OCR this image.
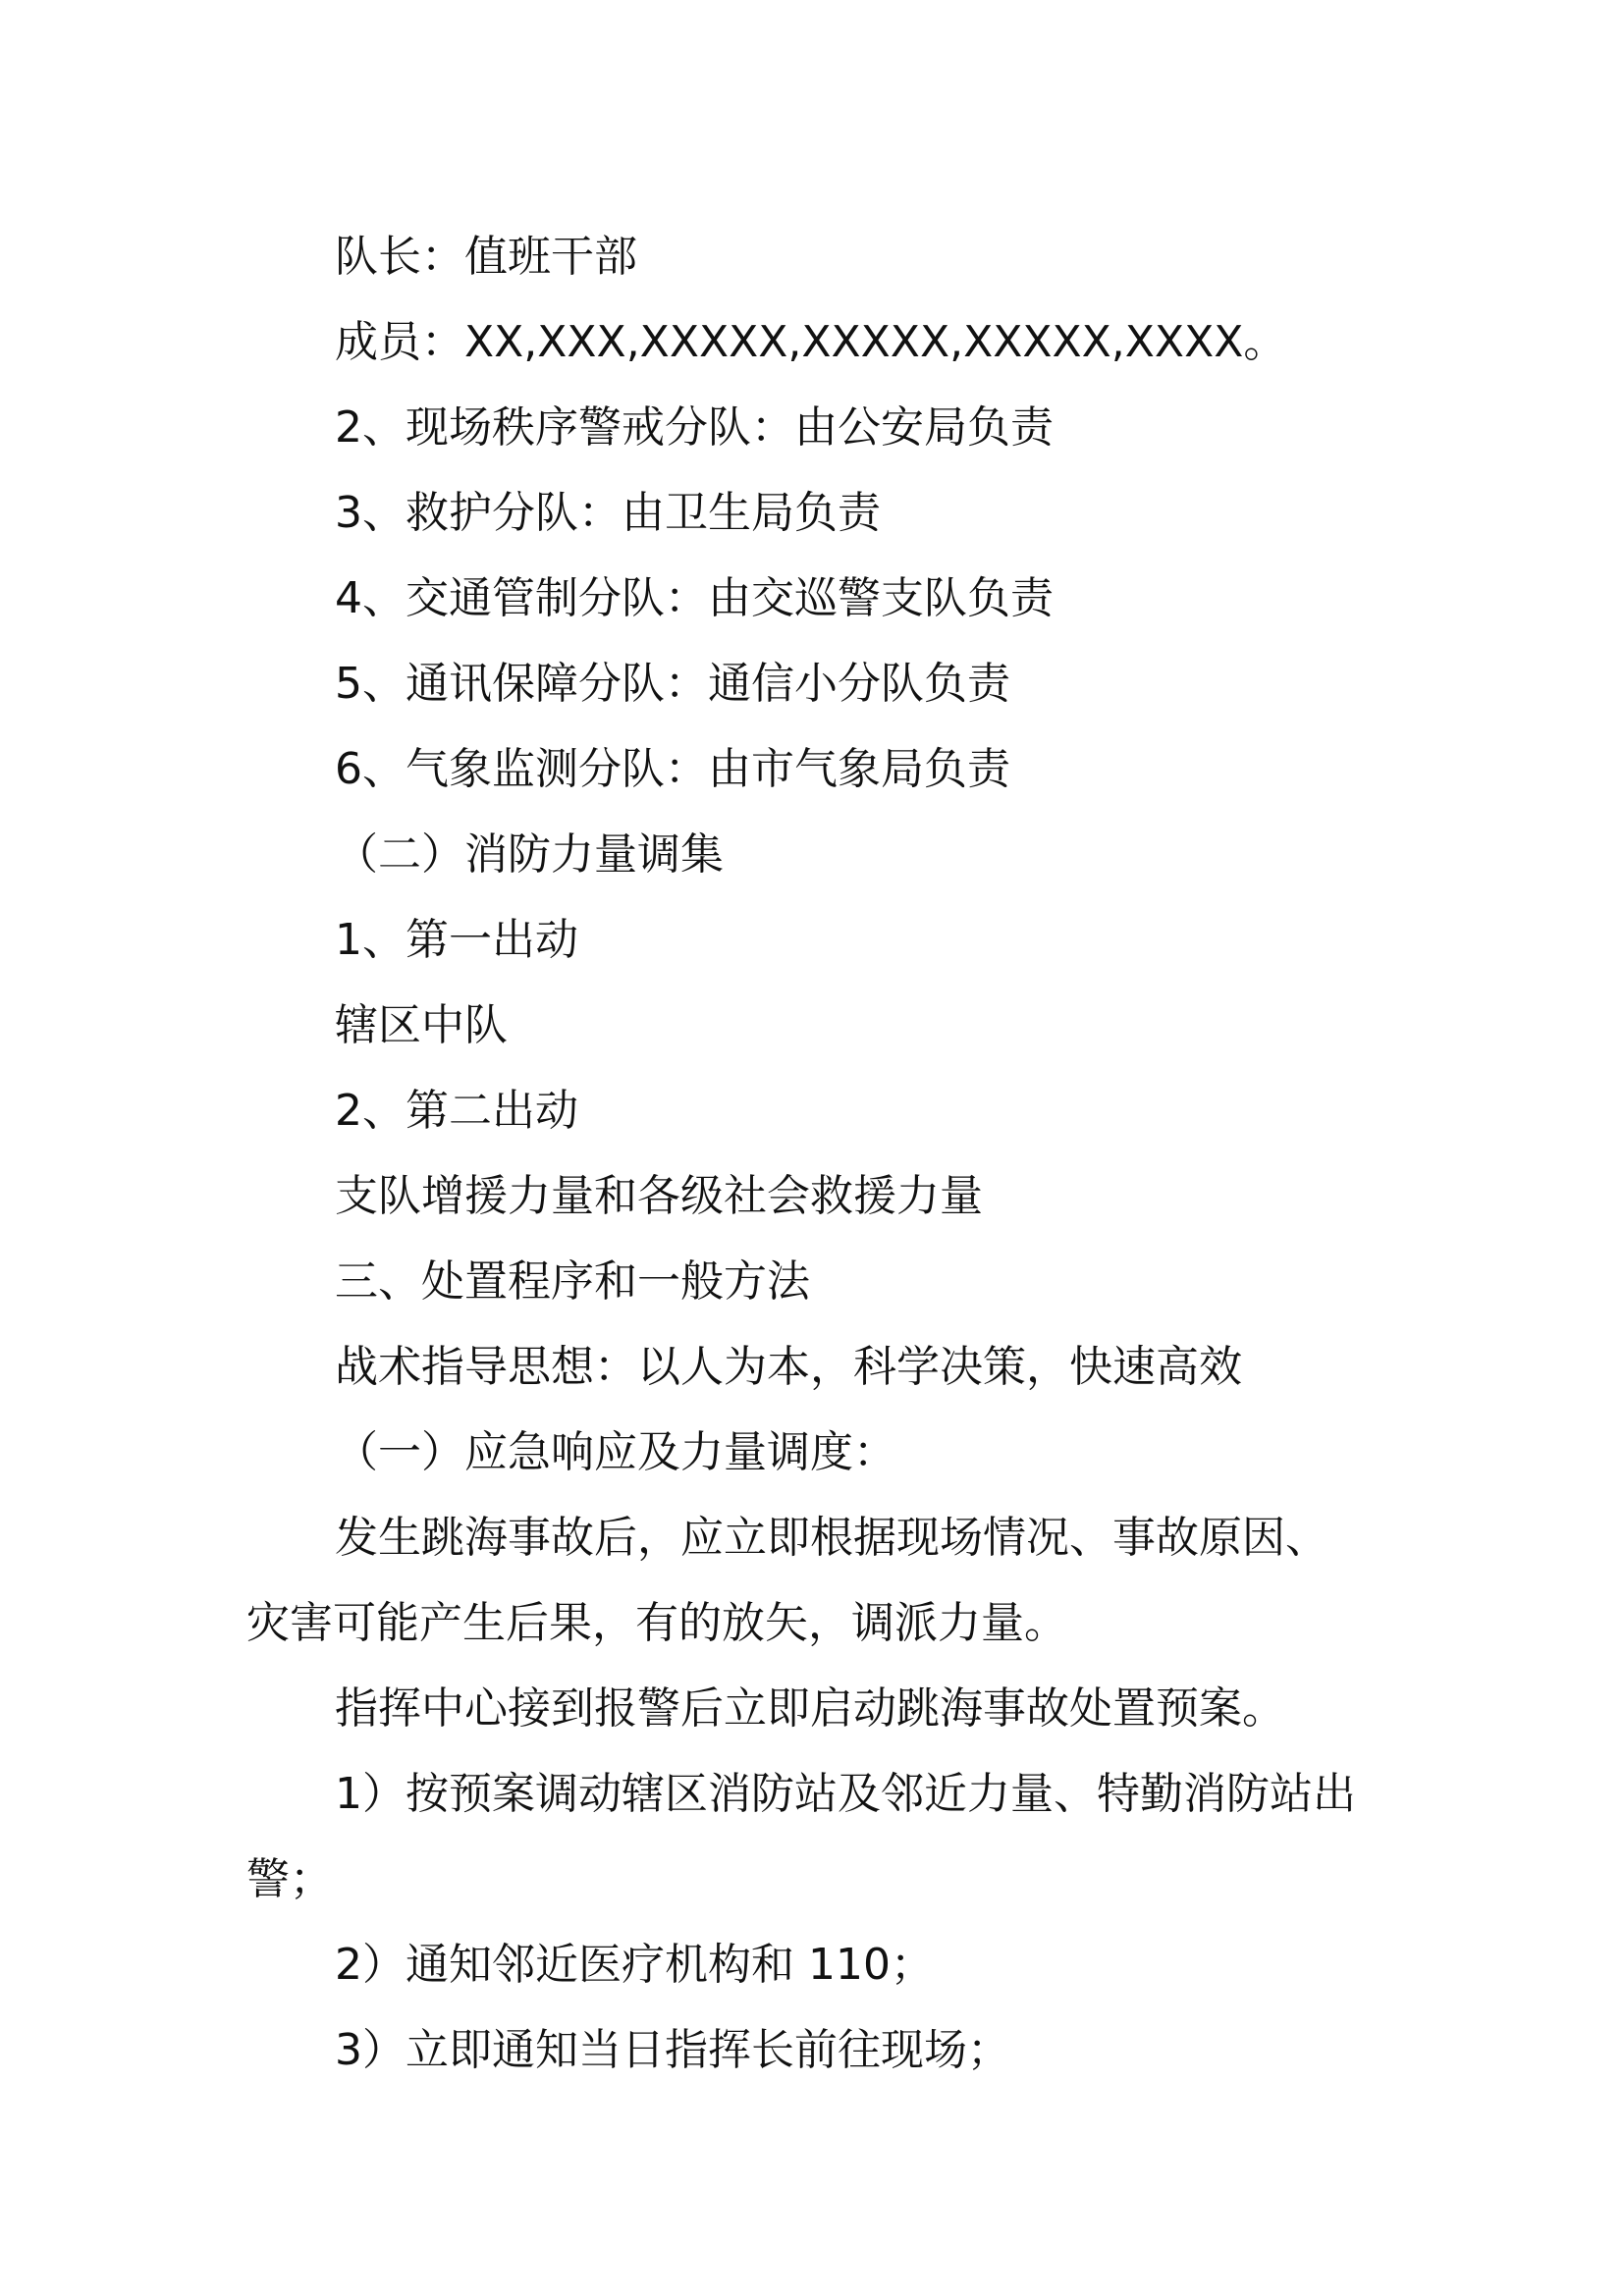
队长：值班干部
成员：XX,XXX,XXXXX,XXXXX,XXXXX,XXXX。
2、现场秩序警戒分队：由公安局负责
3、救护分队：由卫生局负责
4、交通管制分队：由交巡警支队负责
5、通讯保障分队：通信小分队负责
6、气象监测分队：由市气象局负责
（二）消防力量调集
1、第一出动
辖区中队
2、第二出动
支队增援力量和各级社会救援力量
三、处置程序和一般方法
战术指导思想：以人为本，科学决策，快速高效
（一）应急响应及力量调度：
发生跳海事故后，应立即根据现场情况、事故原因、
灾害可能产生后果，有的放矢，调派力量。
指挥中心接到报警后立即启动跳海事故处置预案。
1）按预案调动辖区消防站及邻近力量、特勤消防站出
警；
2）通知邻近医疗机构和 110；
3）立即通知当日指挥长前往现场；
